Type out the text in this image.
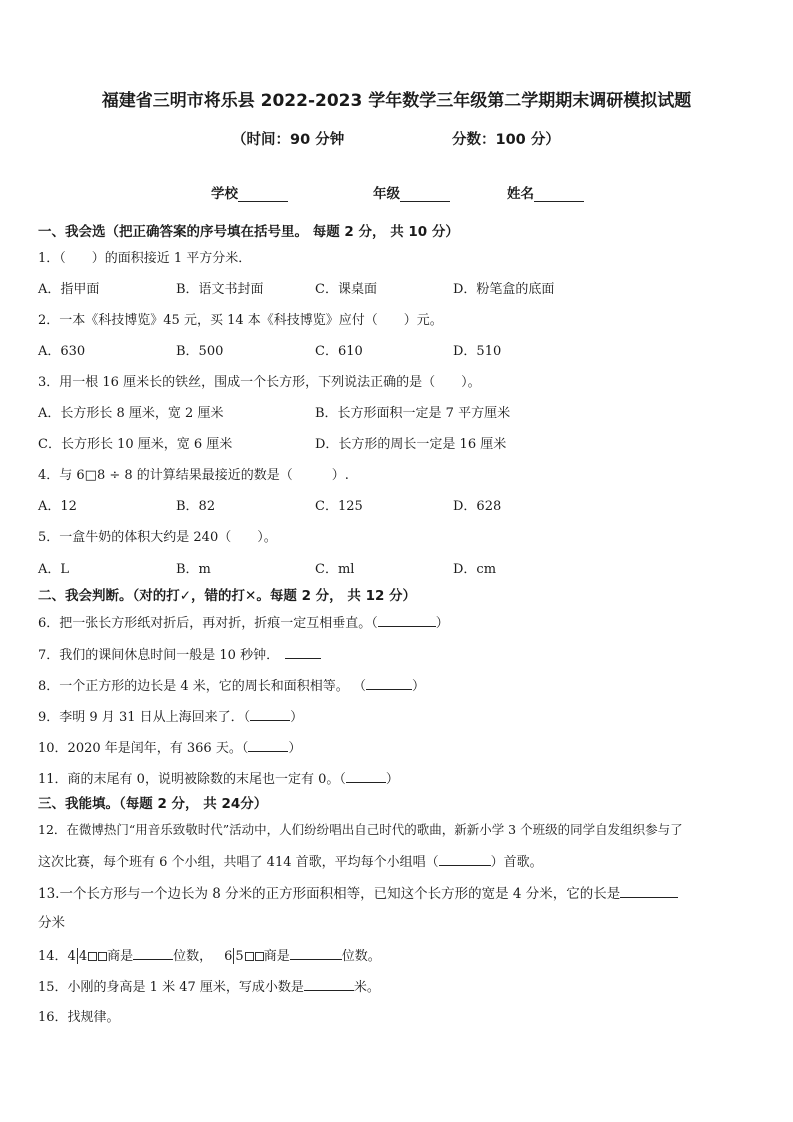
福建省三明市将乐县 2022-2023 学年数学三年级第二学期期末调研模拟试题
（时间：90 分钟	分数：100 分）
学校	年级	姓名
一、我会选（把正确答案的序号填在括号里。 每题 2 分， 共 10 分）
1．（　　）的面积接近 1 平方分米．
A．指甲面	B．语文书封面	C．课桌面	D．粉笔盒的底面
2．一本《科技博览》45 元，买 14 本《科技博览》应付（　　）元。
A．630	B．500	C．610	D．510
3．用一根 16 厘米长的铁丝，围成一个长方形，下列说法正确的是（　　）。
A．长方形长 8 厘米，宽 2 厘米	B．长方形面积一定是 7 平方厘米
C．长方形长 10 厘米，宽 6 厘米	D．长方形的周长一定是 16 厘米
4．与 6□8 ÷ 8 的计算结果最接近的数是（　　　）.
A．12	B．82	C．125	D．628
5．一盒牛奶的体积大约是 240（　　）。
A．L	B．m	C．ml	D．cm
二、我会判断。（对的打✓，错的打✕。每题 2 分， 共 12 分）
6．把一张长方形纸对折后，再对折，折痕一定互相垂直。（	）
7．我们的课间休息时间一般是 10 秒钟．
8．一个正方形的边长是 4 米，它的周长和面积相等。 （	）
9．李明 9 月 31 日从上海回来了．（	）
10．2020 年是闰年，有 366 天。（	）
11．商的末尾有 0，说明被除数的末尾也一定有 0。（	）
三、我能填。（每题 2 分， 共 24分）
12．在微博热门“用音乐致敬时代”活动中，人们纷纷唱出自己时代的歌曲，新新小学 3 个班级的同学自发组织参与了
这次比赛，每个班有 6 个小组，共唱了 414 首歌，平均每个小组唱（	）首歌。
13.一个长方形与一个边长为 8 分米的正方形面积相等，已知这个长方形的宽是 4 分米，它的长是
分米
14．4 4 商是	位数， 6 5 商是	位数。
15．小刚的身高是 1 米 47 厘米，写成小数是	米。
16．找规律。
